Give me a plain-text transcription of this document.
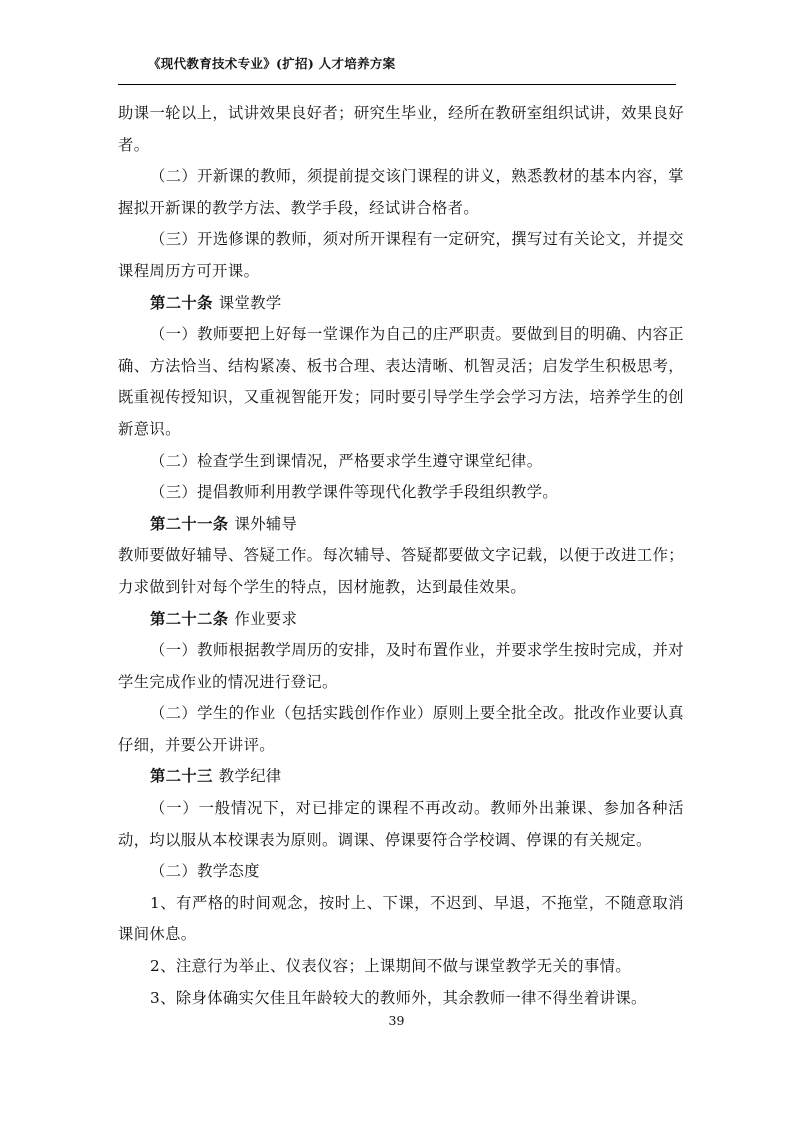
《现代教育技术专业》(扩招) 人才培养方案

助课一轮以上，试讲效果良好者；研究生毕业，经所在教研室组织试讲，效果良好者。

（二）开新课的教师，须提前提交该门课程的讲义，熟悉教材的基本内容，掌握拟开新课的教学方法、教学手段，经试讲合格者。

（三）开选修课的教师，须对所开课程有一定研究，撰写过有关论文，并提交课程周历方可开课。

第二十条 课堂教学

（一）教师要把上好每一堂课作为自己的庄严职责。要做到目的明确、内容正确、方法恰当、结构紧凑、板书合理、表达清晰、机智灵活；启发学生积极思考，既重视传授知识，又重视智能开发；同时要引导学生学会学习方法，培养学生的创新意识。

（二）检查学生到课情况，严格要求学生遵守课堂纪律。

（三）提倡教师利用教学课件等现代化教学手段组织教学。

第二十一条 课外辅导

教师要做好辅导、答疑工作。每次辅导、答疑都要做文字记载，以便于改进工作；力求做到针对每个学生的特点，因材施教，达到最佳效果。

第二十二条 作业要求

（一）教师根据教学周历的安排，及时布置作业，并要求学生按时完成，并对学生完成作业的情况进行登记。

（二）学生的作业（包括实践创作作业）原则上要全批全改。批改作业要认真仔细，并要公开讲评。

第二十三 教学纪律

（一）一般情况下，对已排定的课程不再改动。教师外出兼课、参加各种活动，均以服从本校课表为原则。调课、停课要符合学校调、停课的有关规定。

（二）教学态度

1、有严格的时间观念，按时上、下课，不迟到、早退，不拖堂，不随意取消课间休息。

2、注意行为举止、仪表仪容；上课期间不做与课堂教学无关的事情。

3、除身体确实欠佳且年龄较大的教师外，其余教师一律不得坐着讲课。

39
